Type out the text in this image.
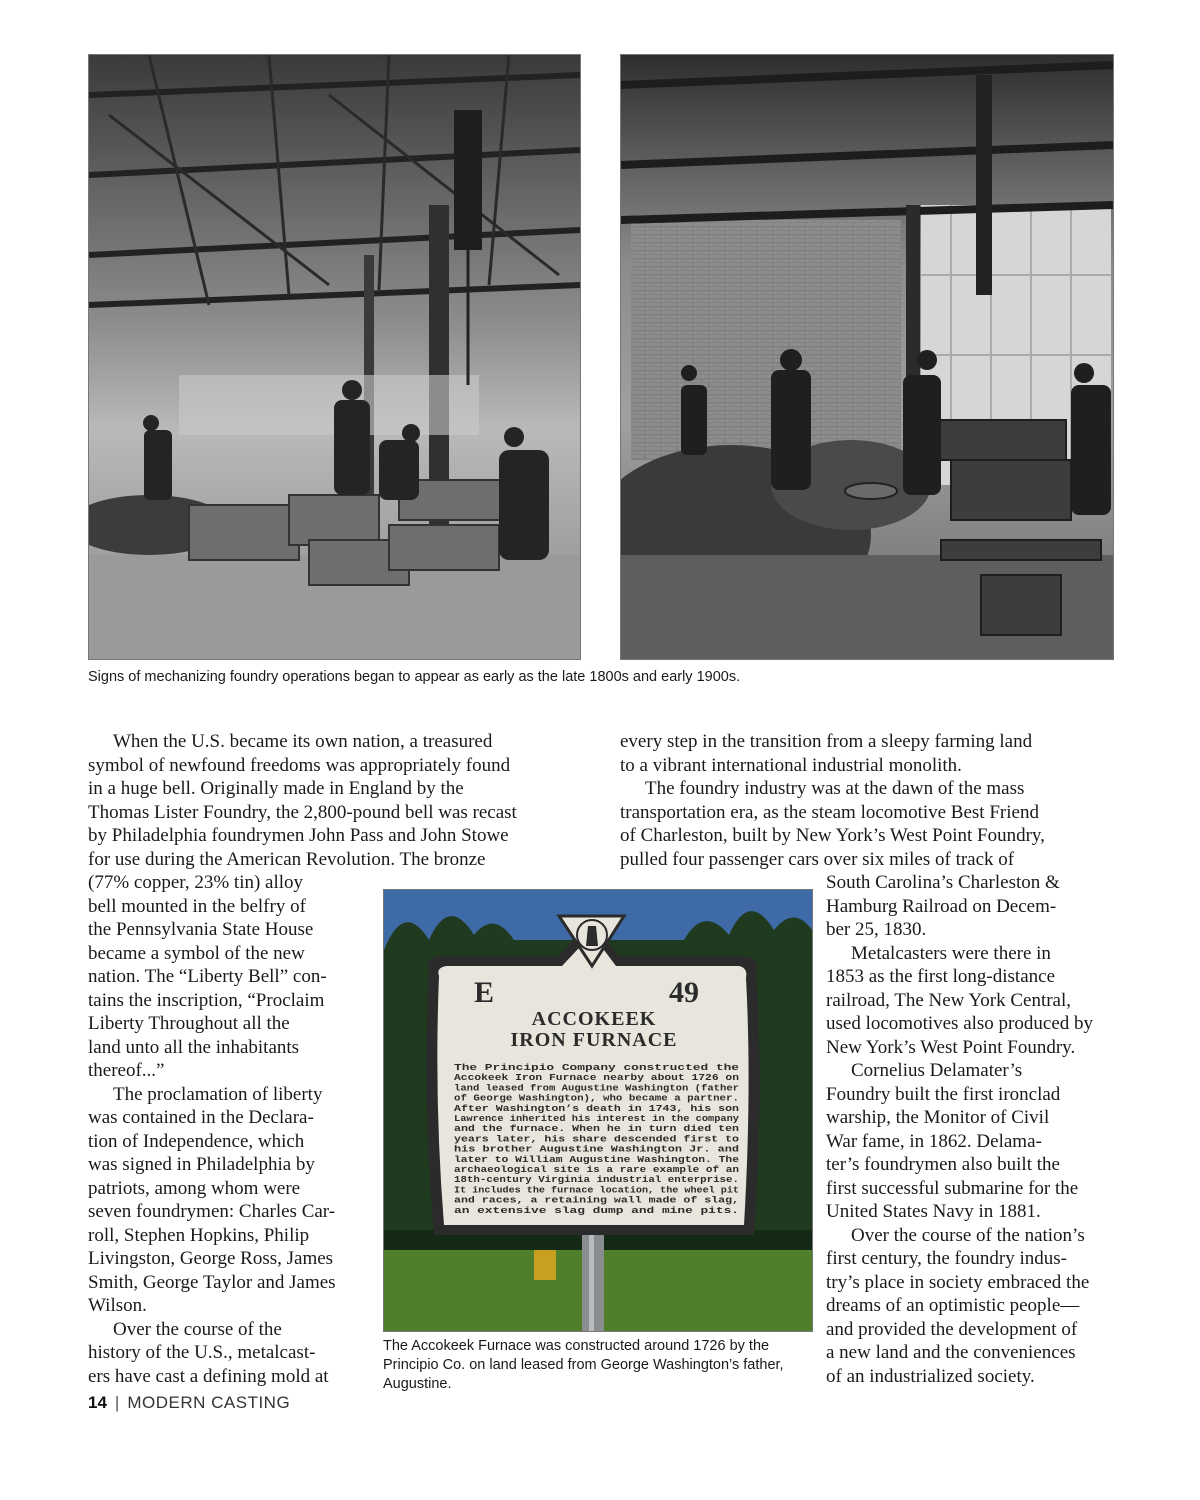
Signs of mechanizing foundry operations began to appear as early as the late 1800s and early 1900s.
When the U.S. became its own nation, a treasured
symbol of newfound freedoms was appropriately found
in a huge bell. Originally made in England by the
Thomas Lister Foundry, the 2,800-pound bell was recast
by Philadelphia foundrymen John Pass and John Stowe
for use during the American Revolution. The bronze
(77% copper, 23% tin) alloy
bell mounted in the belfry of
the Pennsylvania State House
became a symbol of the new
nation. The “Liberty Bell” con-
tains the inscription, “Proclaim
Liberty Throughout all the
land unto all the inhabitants
thereof...”
The proclamation of liberty
was contained in the Declara-
tion of Independence, which
was signed in Philadelphia by
patriots, among whom were
seven foundrymen: Charles Car-
roll, Stephen Hopkins, Philip
Livingston, George Ross, James
Smith, George Taylor and James
Wilson.
Over the course of the
history of the U.S., metalcast-
ers have cast a defining mold at
every step in the transition from a sleepy farming land
to a vibrant international industrial monolith.
The foundry industry was at the dawn of the mass
transportation era, as the steam locomotive Best Friend
of Charleston, built by New York’s West Point Foundry,
pulled four passenger cars over six miles of track of
South Carolina’s Charleston &
Hamburg Railroad on Decem-
ber 25, 1830.
Metalcasters were there in
1853 as the first long-distance
railroad, The New York Central,
used locomotives also produced by
New York’s West Point Foundry.
Cornelius Delamater’s
Foundry built the first ironclad
warship, the Monitor of Civil
War fame, in 1862. Delama-
ter’s foundrymen also built the
first successful submarine for the
United States Navy in 1881.
Over the course of the nation’s
first century, the foundry indus-
try’s place in society embraced the
dreams of an optimistic people—
and provided the development of
a new land and the conveniences
of an industrialized society.
E	49
ACCOKEEK
IRON FURNACE
The Principio Company constructed the
Accokeek Iron Furnace nearby about 1726 on
land leased from Augustine Washington (father
of George Washington), who became a partner.
After Washington’s death in 1743, his son
Lawrence inherited his interest in the company
and the furnace. When he in turn died ten
years later, his share descended first to
his brother Augustine Washington Jr. and
later to William Augustine Washington. The
archaeological site is a rare example of an
18th-century Virginia industrial enterprise.
It includes the furnace location, the wheel pit
and races, a retaining wall made of slag,
an extensive slag dump and mine pits.
The Accokeek Furnace was constructed around 1726 by the Principio Co. on land leased from George Washington’s father, Augustine.
14 | MODERN CASTING
